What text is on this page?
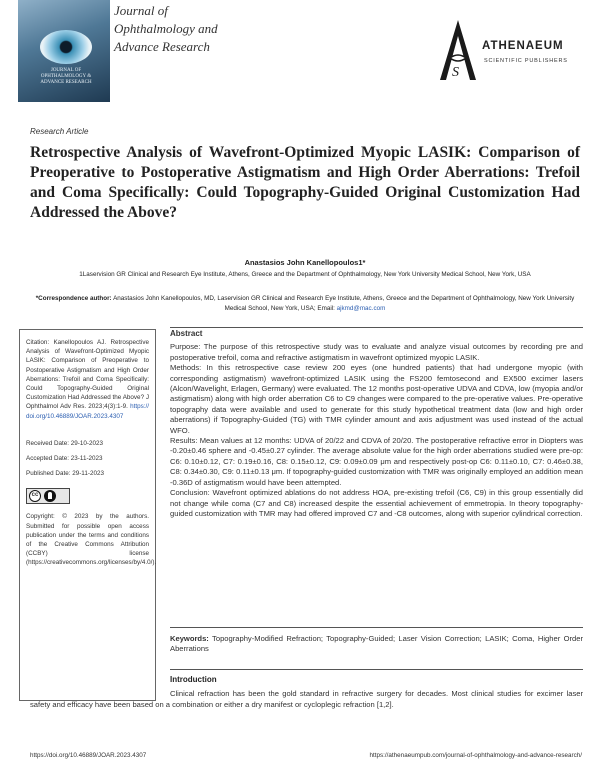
JOURNAL OF OPHTHALMOLOGY & ADVANCE RESEARCH
Journal of
Ophthalmology and
Advance Research
S
ATHENAEUM
SCIENTIFIC PUBLISHERS
Research Article
Retrospective Analysis of Wavefront-Optimized Myopic LASIK: Comparison of Preoperative to Postoperative Astigmatism and High Order Aberrations: Trefoil and Coma Specifically: Could Topography-Guided Original Customization Had Addressed the Above?
Anastasios John Kanellopoulos1*
1Laservision GR Clinical and Research Eye Institute, Athens, Greece and the Department of Ophthalmology, New York University Medical School, New York, USA
*Correspondence author: Anastasios John Kanellopoulos, MD, Laservision GR Clinical and Research Eye Institute, Athens, Greece and the Department of Ophthalmology, New York University Medical School, New York, USA; Email: ajkmd@mac.com
Citation: Kanellopoulos AJ. Retrospective Analysis of Wavefront-Optimized Myopic LASIK: Comparison of Preoperative to Postoperative Astigmatism and High Order Aberrations: Trefoil and Coma Specifically: Could Topography-Guided Original Customization Had Addressed the Above? J Ophthalmol Adv Res. 2023;4(3):1-9. https://doi.org/10.46889/JOAR.2023.4307
Received Date: 29-10-2023
Accepted Date: 23-11-2023
Published Date: 29-11-2023
cc
Copyright: © 2023 by the authors. Submitted for possible open access publication under the terms and conditions of the Creative Commons Attribution (CCBY) license (https://creativecommons.org/licenses/by/4.0/).
Abstract

Purpose: The purpose of this retrospective study was to evaluate and analyze visual outcomes by recording pre and postoperative trefoil, coma and refractive astigmatism in wavefront optimized myopic LASIK.

Methods: In this retrospective case review 200 eyes (one hundred patients) that had undergone myopic (with corresponding astigmatism) wavefront-optimized LASIK using the FS200 femtosecond and EX500 excimer lasers (Alcon/Wavelight, Erlagen, Germany) were evaluated. The 12 months post-operative UDVA and CDVA, low (myopia and/or astigmatism) along with high order aberration C6 to C9 changes were compared to the pre-operative values. Pre-operative topography data were available and used to generate for this study hypothetical treatment data (low and high order aberrations) if Topography-Guided (TG) with TMR cylinder amount and axis adjustment was used instead of the actual WFO.

Results: Mean values at 12 months: UDVA of 20/22 and CDVA of 20/20. The postoperative refractive error in Diopters was -0.20±0.46 sphere and -0.45±0.27 cylinder. The average absolute value for the high order aberrations studied were pre-op: C6: 0.10±0.12, C7: 0.19±0.16, C8: 0.15±0.12, C9: 0.09±0.09 μm and respectively post-op C6: 0.11±0.10, C7: 0.46±0.38, C8: 0.34±0.30, C9: 0.11±0.13 μm. If topography-guided customization with TMR was originally employed an addition mean -0.36D of astigmatism would have been attempted.

Conclusion: Wavefront optimized ablations do not address HOA, pre-existing trefoil (C6, C9) in this group essentially did not change while coma (C7 and C8) increased despite the essential achievement of emmetropia. In theory topography-guided customization with TMR may had offered improved C7 and -C8 outcomes, along with superior cylindrical correction.

Keywords: Topography-Modified Refraction; Topography-Guided; Laser Vision Correction; LASIK; Coma, Higher Order Aberrations
Introduction

Clinical refraction has been the gold standard in refractive surgery for decades. Most clinical studies for excimer laser safety and efficacy have been based on a combination or either a dry manifest or cycloplegic refraction [1,2].

https://doi.org/10.46889/JOAR.2023.4307	https://athenaeumpub.com/journal-of-ophthalmology-and-advance-research/
